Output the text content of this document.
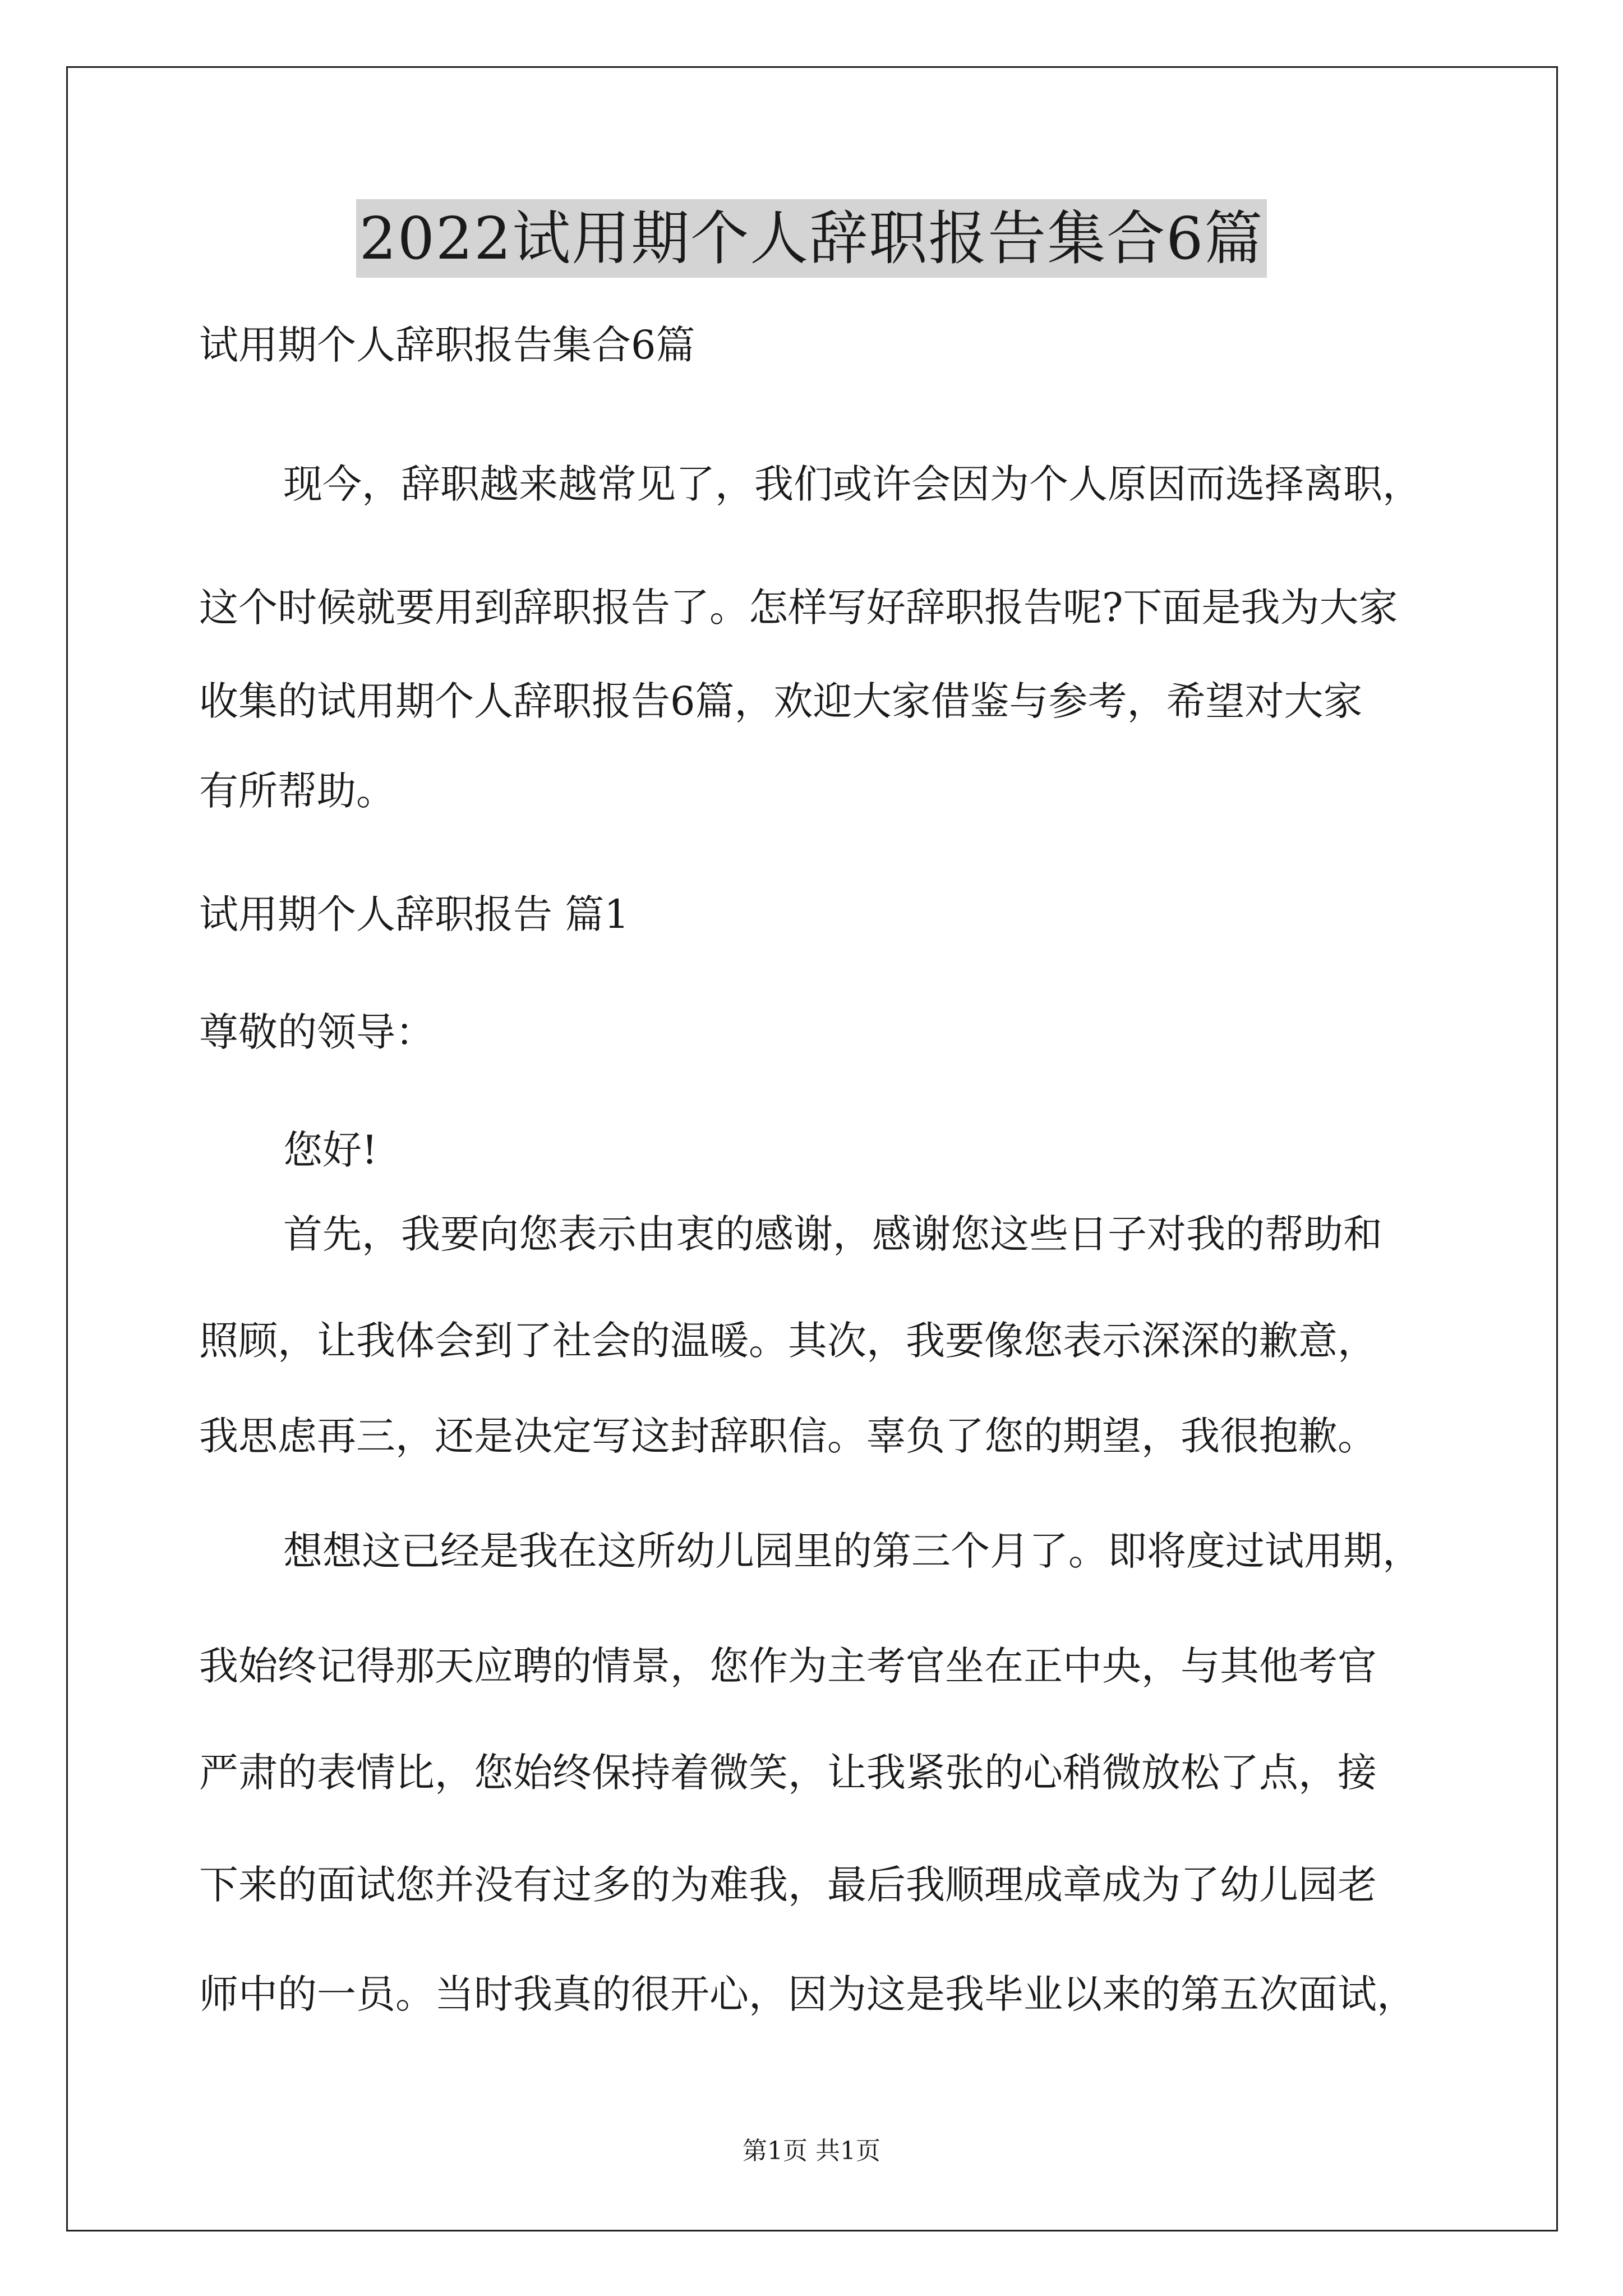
2022试用期个人辞职报告集合6篇
试用期个人辞职报告集合6篇
现今，辞职越来越常见了，我们或许会因为个人原因而选择离职，
这个时候就要用到辞职报告了。怎样写好辞职报告呢?下面是我为大家
收集的试用期个人辞职报告6篇，欢迎大家借鉴与参考，希望对大家
有所帮助。
试用期个人辞职报告 篇1
尊敬的领导：
您好!
首先，我要向您表示由衷的感谢，感谢您这些日子对我的帮助和
照顾，让我体会到了社会的温暖。其次，我要像您表示深深的歉意，
我思虑再三，还是决定写这封辞职信。辜负了您的期望，我很抱歉。
想想这已经是我在这所幼儿园里的第三个月了。即将度过试用期，
我始终记得那天应聘的情景，您作为主考官坐在正中央，与其他考官
严肃的表情比，您始终保持着微笑，让我紧张的心稍微放松了点，接
下来的面试您并没有过多的为难我，最后我顺理成章成为了幼儿园老
师中的一员。当时我真的很开心，因为这是我毕业以来的第五次面试，
第1页 共1页
